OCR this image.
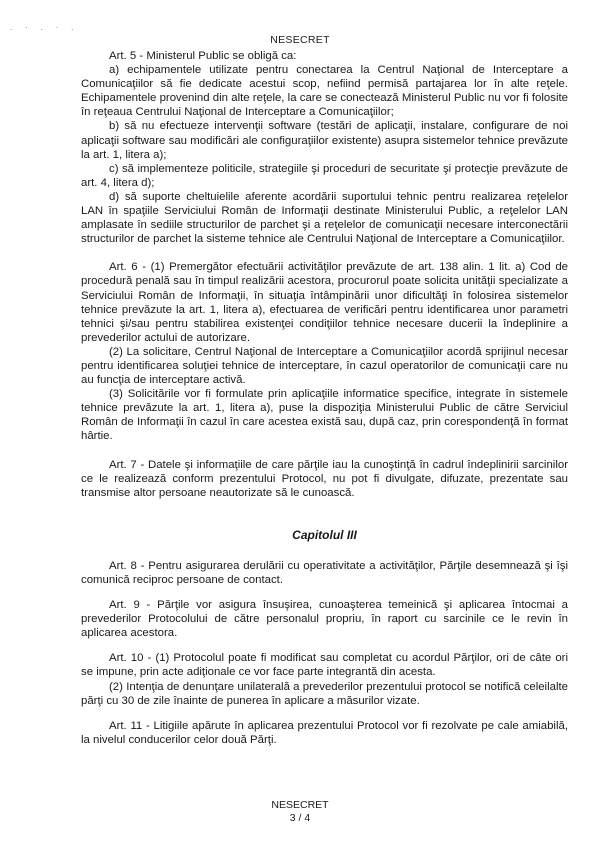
. · . · .
NESECRET

Art. 5 - Ministerul Public se obligă ca:

a) echipamentele utilizate pentru conectarea la Centrul Naţional de Interceptare a Comunicaţiilor să fie dedicate acestui scop, nefiind permisă partajarea lor în alte reţele. Echipamentele provenind din alte reţele, la care se conectează Ministerul Public nu vor fi folosite în reţeaua Centrului Naţional de Interceptare a Comunicaţiilor;

b) să nu efectueze intervenţii software (testări de aplicaţii, instalare, configurare de noi aplicaţii software sau modificări ale configuraţiilor existente) asupra sistemelor tehnice prevăzute la art. 1, litera a);

c) să implementeze politicile, strategiile şi proceduri de securitate şi protecţie prevăzute de art. 4, litera d);

d) să suporte cheltuielile aferente acordării suportului tehnic pentru realizarea reţelelor LAN în spaţiile Serviciului Român de Informaţii destinate Ministerului Public, a reţelelor LAN amplasate în sediile structurilor de parchet şi a reţelelor de comunicaţii necesare interconectării structurilor de parchet la sisteme tehnice ale Centrului Naţional de Interceptare a Comunicaţiilor.

Art. 6 - (1) Premergător efectuării activităţilor prevăzute de art. 138 alin. 1 lit. a) Cod de procedură penală sau în timpul realizării acestora, procurorul poate solicita unităţii specializate a Serviciului Român de Informaţii, în situaţia întâmpinării unor dificultăţi în folosirea sistemelor tehnice prevăzute la art. 1, litera a), efectuarea de verificări pentru identificarea unor parametri tehnici şi/sau pentru stabilirea existenţei condiţiilor tehnice necesare ducerii la îndeplinire a prevederilor actului de autorizare.

(2) La solicitare, Centrul Naţional de Interceptare a Comunicaţiilor acordă sprijinul necesar pentru identificarea soluţiei tehnice de interceptare, în cazul operatorilor de comunicaţii care nu au funcţia de interceptare activă.

(3) Solicitările vor fi formulate prin aplicaţiile informatice specifice, integrate în sistemele tehnice prevăzute la art. 1, litera a), puse la dispoziţia Ministerului Public de către Serviciul Român de Informaţii în cazul în care acestea există sau, după caz, prin corespondenţă în format hârtie.

Art. 7 - Datele şi informaţiile de care părţile iau la cunoştinţă în cadrul îndeplinirii sarcinilor ce le realizează conform prezentului Protocol, nu pot fi divulgate, difuzate, prezentate sau transmise altor persoane neautorizate să le cunoască.

Capitolul III

Art. 8 - Pentru asigurarea derulării cu operativitate a activităţilor, Părţile desemnează şi îşi comunică reciproc persoane de contact.

Art. 9 - Părţile vor asigura însuşirea, cunoaşterea temeinică şi aplicarea întocmai a prevederilor Protocolului de către personalul propriu, în raport cu sarcinile ce le revin în aplicarea acestora.

Art. 10 - (1) Protocolul poate fi modificat sau completat cu acordul Părţilor, ori de câte ori se impune, prin acte adiţionale ce vor face parte integrantă din acesta.

(2) Intenţia de denunţare unilaterală a prevederilor prezentului protocol se notifică celeilalte părţi cu 30 de zile înainte de punerea în aplicare a măsurilor vizate.

Art. 11 - Litigiile apărute în aplicarea prezentului Protocol vor fi rezolvate pe cale amiabilă, la nivelul conducerilor celor două Părţi.

NESECRET
3 / 4
